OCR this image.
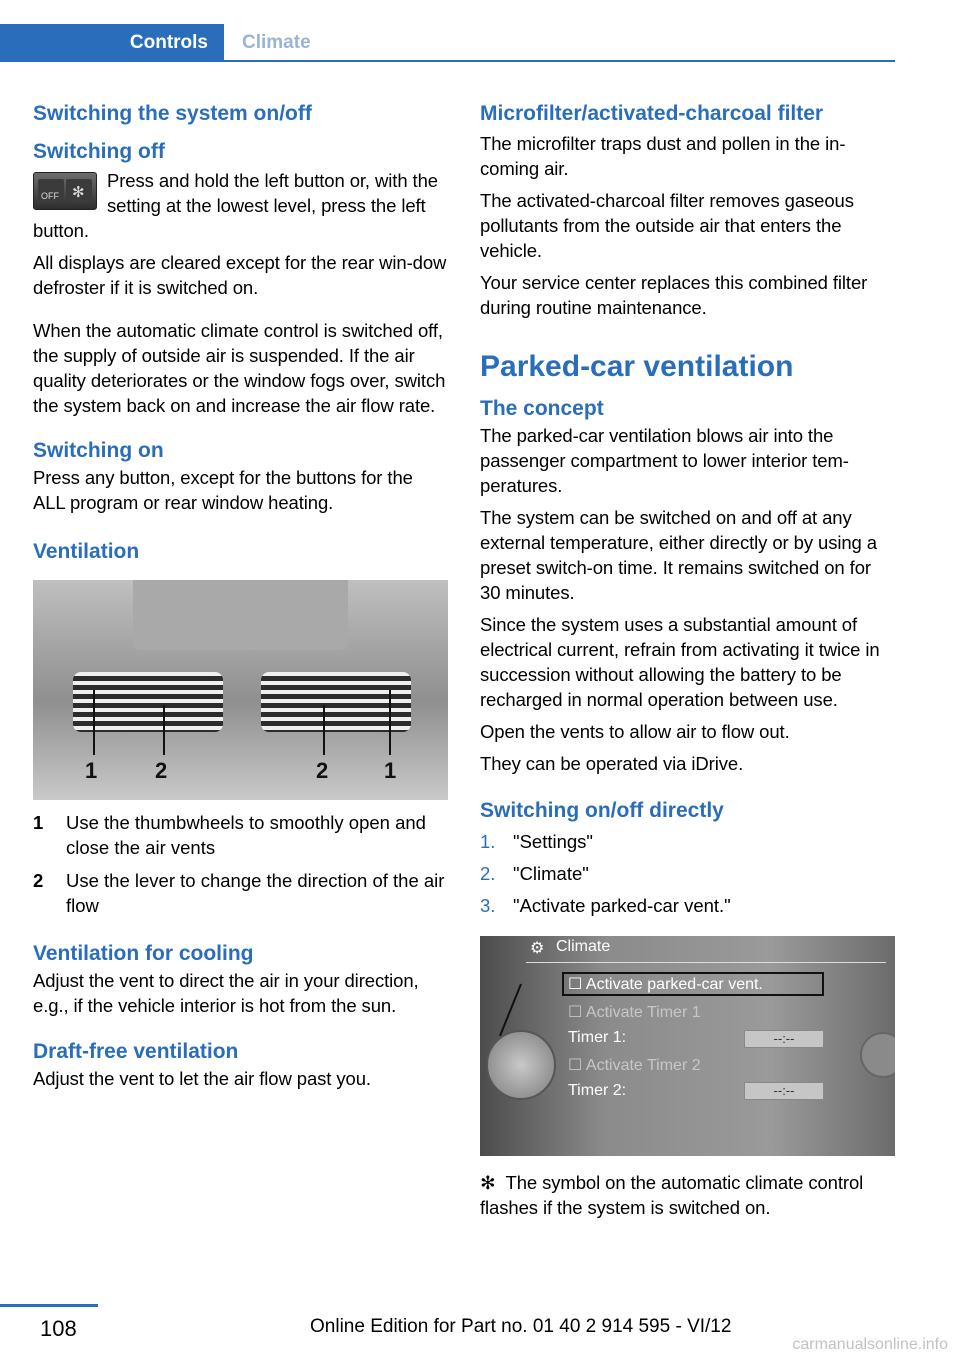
Controls	Climate
Switching the system on/off
Switching off
OFF ✻
Press and hold the left button or, with the setting at the lowest level, press the left button.
All displays are cleared except for the rear win-dow defroster if it is switched on.
When the automatic climate control is switched off, the supply of outside air is suspended. If the air quality deteriorates or the window fogs over, switch the system back on and increase the air flow rate.
Switching on
Press any button, except for the buttons for the ALL program or rear window heating.
Ventilation
1	2	2	1
1	Use the thumbwheels to smoothly open and close the air vents
2	Use the lever to change the direction of the air flow
Ventilation for cooling
Adjust the vent to direct the air in your direction, e.g., if the vehicle interior is hot from the sun.
Draft-free ventilation
Adjust the vent to let the air flow past you.
Microfilter/activated-charcoal filter
The microfilter traps dust and pollen in the in-coming air.
The activated-charcoal filter removes gaseous pollutants from the outside air that enters the vehicle.
Your service center replaces this combined filter during routine maintenance.
Parked-car ventilation
The concept
The parked-car ventilation blows air into the passenger compartment to lower interior tem-peratures.
The system can be switched on and off at any external temperature, either directly or by using a preset switch-on time. It remains switched on for 30 minutes.
Since the system uses a substantial amount of electrical current, refrain from activating it twice in succession without allowing the battery to be recharged in normal operation between use.
Open the vents to allow air to flow out.
They can be operated via iDrive.
Switching on/off directly
1. "Settings"
2. "Climate"
3. "Activate parked-car vent."
⚙ Climate
☐ Activate parked-car vent.
☐ Activate Timer 1
Timer 1:	--:--
☐ Activate Timer 2
Timer 2:	--:--
✻ The symbol on the automatic climate control flashes if the system is switched on.
108	Online Edition for Part no. 01 40 2 914 595 - VI/12
carmanualsonline.info
